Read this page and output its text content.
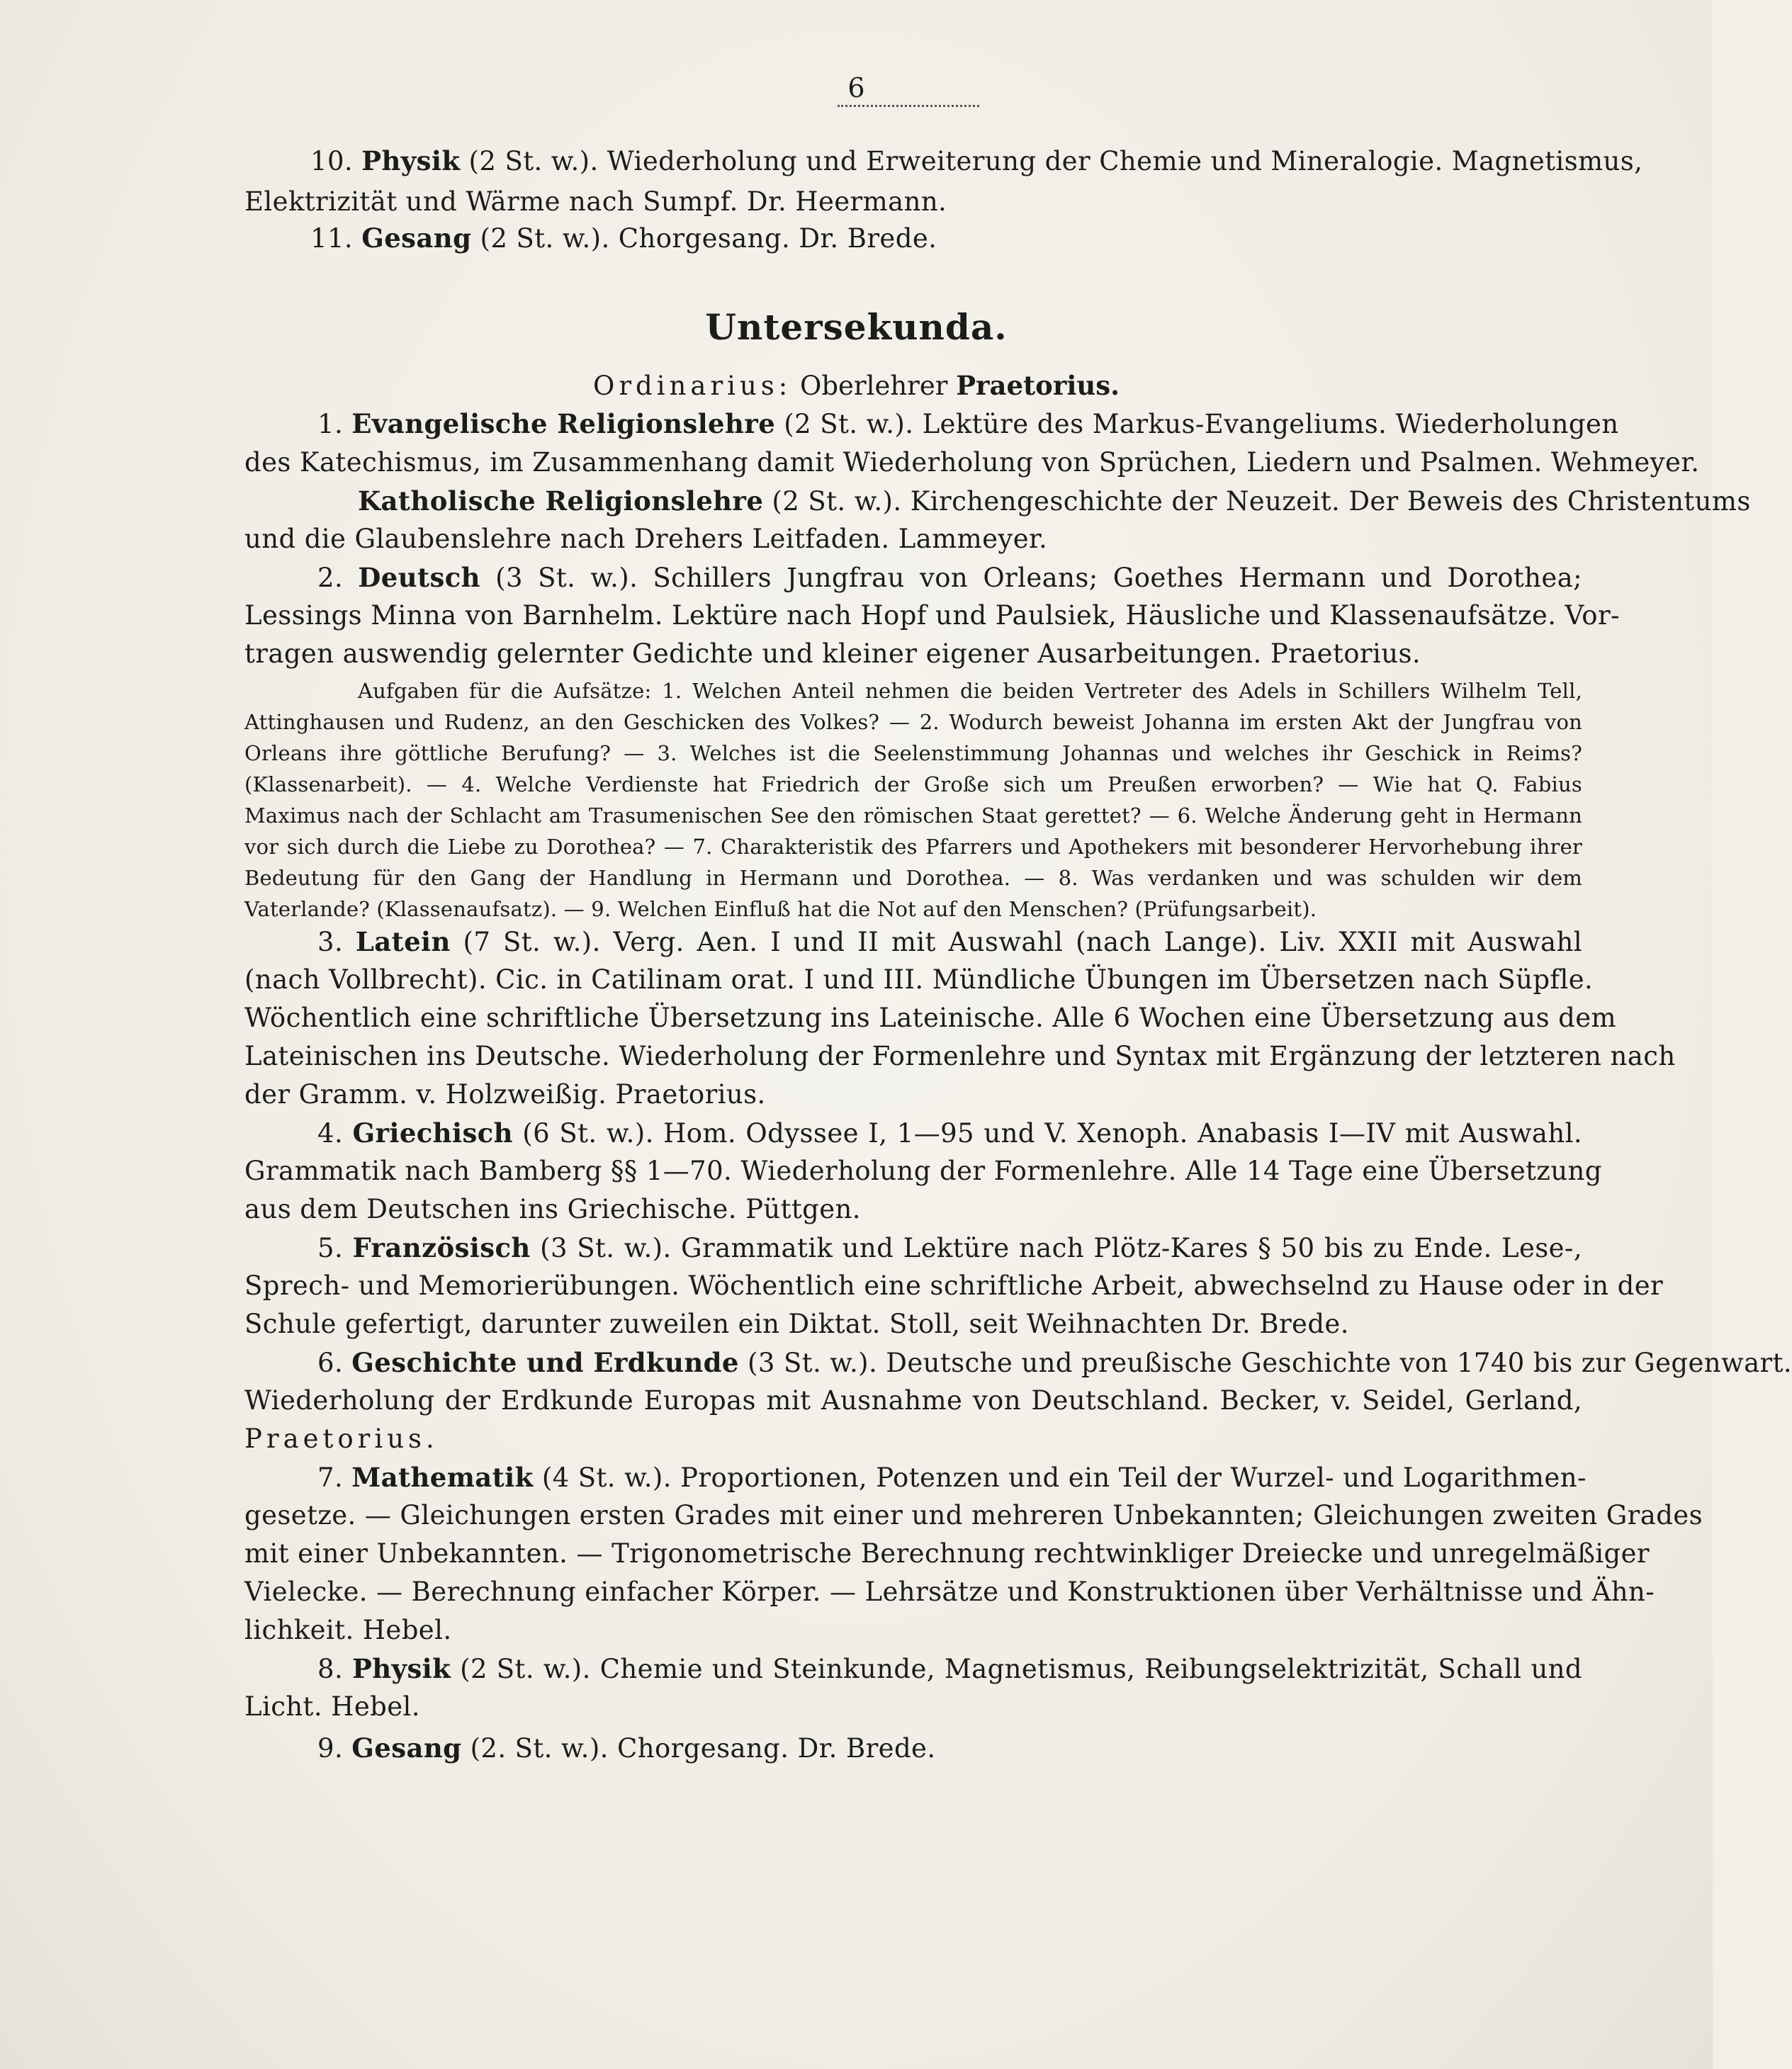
6
10. Physik (2 St. w.). Wiederholung und Erweiterung der Chemie und Mineralogie. Magnetismus,
Elektrizität und Wärme nach Sumpf. Dr. Heermann.
11. Gesang (2 St. w.). Chorgesang. Dr. Brede.
Untersekunda.
Ordinarius: Oberlehrer Praetorius.
1. Evangelische Religionslehre (2 St. w.). Lektüre des Markus-Evangeliums. Wiederholungen
des Katechismus, im Zusammenhang damit Wiederholung von Sprüchen, Liedern und Psalmen. Wehmeyer.
Katholische Religionslehre (2 St. w.). Kirchengeschichte der Neuzeit. Der Beweis des Christentums
und die Glaubenslehre nach Drehers Leitfaden. Lammeyer.
2. Deutsch (3 St. w.). Schillers Jungfrau von Orleans; Goethes Hermann und Dorothea;
Lessings Minna von Barnhelm. Lektüre nach Hopf und Paulsiek, Häusliche und Klassenaufsätze. Vor-
tragen auswendig gelernter Gedichte und kleiner eigener Ausarbeitungen. Praetorius.
Aufgaben für die Aufsätze: 1. Welchen Anteil nehmen die beiden Vertreter des Adels in Schillers Wilhelm Tell,
Attinghausen und Rudenz, an den Geschicken des Volkes? — 2. Wodurch beweist Johanna im ersten Akt der Jungfrau von
Orleans ihre göttliche Berufung? — 3. Welches ist die Seelenstimmung Johannas und welches ihr Geschick in Reims?
(Klassenarbeit). — 4. Welche Verdienste hat Friedrich der Große sich um Preußen erworben? — Wie hat Q. Fabius
Maximus nach der Schlacht am Trasumenischen See den römischen Staat gerettet? — 6. Welche Änderung geht in Hermann
vor sich durch die Liebe zu Dorothea? — 7. Charakteristik des Pfarrers und Apothekers mit besonderer Hervorhebung ihrer
Bedeutung für den Gang der Handlung in Hermann und Dorothea. — 8. Was verdanken und was schulden wir dem
Vaterlande? (Klassenaufsatz). — 9. Welchen Einfluß hat die Not auf den Menschen? (Prüfungsarbeit).
3. Latein (7 St. w.). Verg. Aen. I und II mit Auswahl (nach Lange). Liv. XXII mit Auswahl
(nach Vollbrecht). Cic. in Catilinam orat. I und III. Mündliche Übungen im Übersetzen nach Süpfle.
Wöchentlich eine schriftliche Übersetzung ins Lateinische. Alle 6 Wochen eine Übersetzung aus dem
Lateinischen ins Deutsche. Wiederholung der Formenlehre und Syntax mit Ergänzung der letzteren nach
der Gramm. v. Holzweißig. Praetorius.
4. Griechisch (6 St. w.). Hom. Odyssee I, 1—95 und V. Xenoph. Anabasis I—IV mit Auswahl.
Grammatik nach Bamberg §§ 1—70. Wiederholung der Formenlehre. Alle 14 Tage eine Übersetzung
aus dem Deutschen ins Griechische. Püttgen.
5. Französisch (3 St. w.). Grammatik und Lektüre nach Plötz-Kares § 50 bis zu Ende. Lese-,
Sprech- und Memorierübungen. Wöchentlich eine schriftliche Arbeit, abwechselnd zu Hause oder in der
Schule gefertigt, darunter zuweilen ein Diktat. Stoll, seit Weihnachten Dr. Brede.
6. Geschichte und Erdkunde (3 St. w.). Deutsche und preußische Geschichte von 1740 bis zur Gegenwart.
Wiederholung der Erdkunde Europas mit Ausnahme von Deutschland. Becker, v. Seidel, Gerland,
Praetorius.
7. Mathematik (4 St. w.). Proportionen, Potenzen und ein Teil der Wurzel- und Logarithmen-
gesetze. — Gleichungen ersten Grades mit einer und mehreren Unbekannten; Gleichungen zweiten Grades
mit einer Unbekannten. — Trigonometrische Berechnung rechtwinkliger Dreiecke und unregelmäßiger
Vielecke. — Berechnung einfacher Körper. — Lehrsätze und Konstruktionen über Verhältnisse und Ähn-
lichkeit. Hebel.
8. Physik (2 St. w.). Chemie und Steinkunde, Magnetismus, Reibungselektrizität, Schall und
Licht. Hebel.
9. Gesang (2. St. w.). Chorgesang. Dr. Brede.
